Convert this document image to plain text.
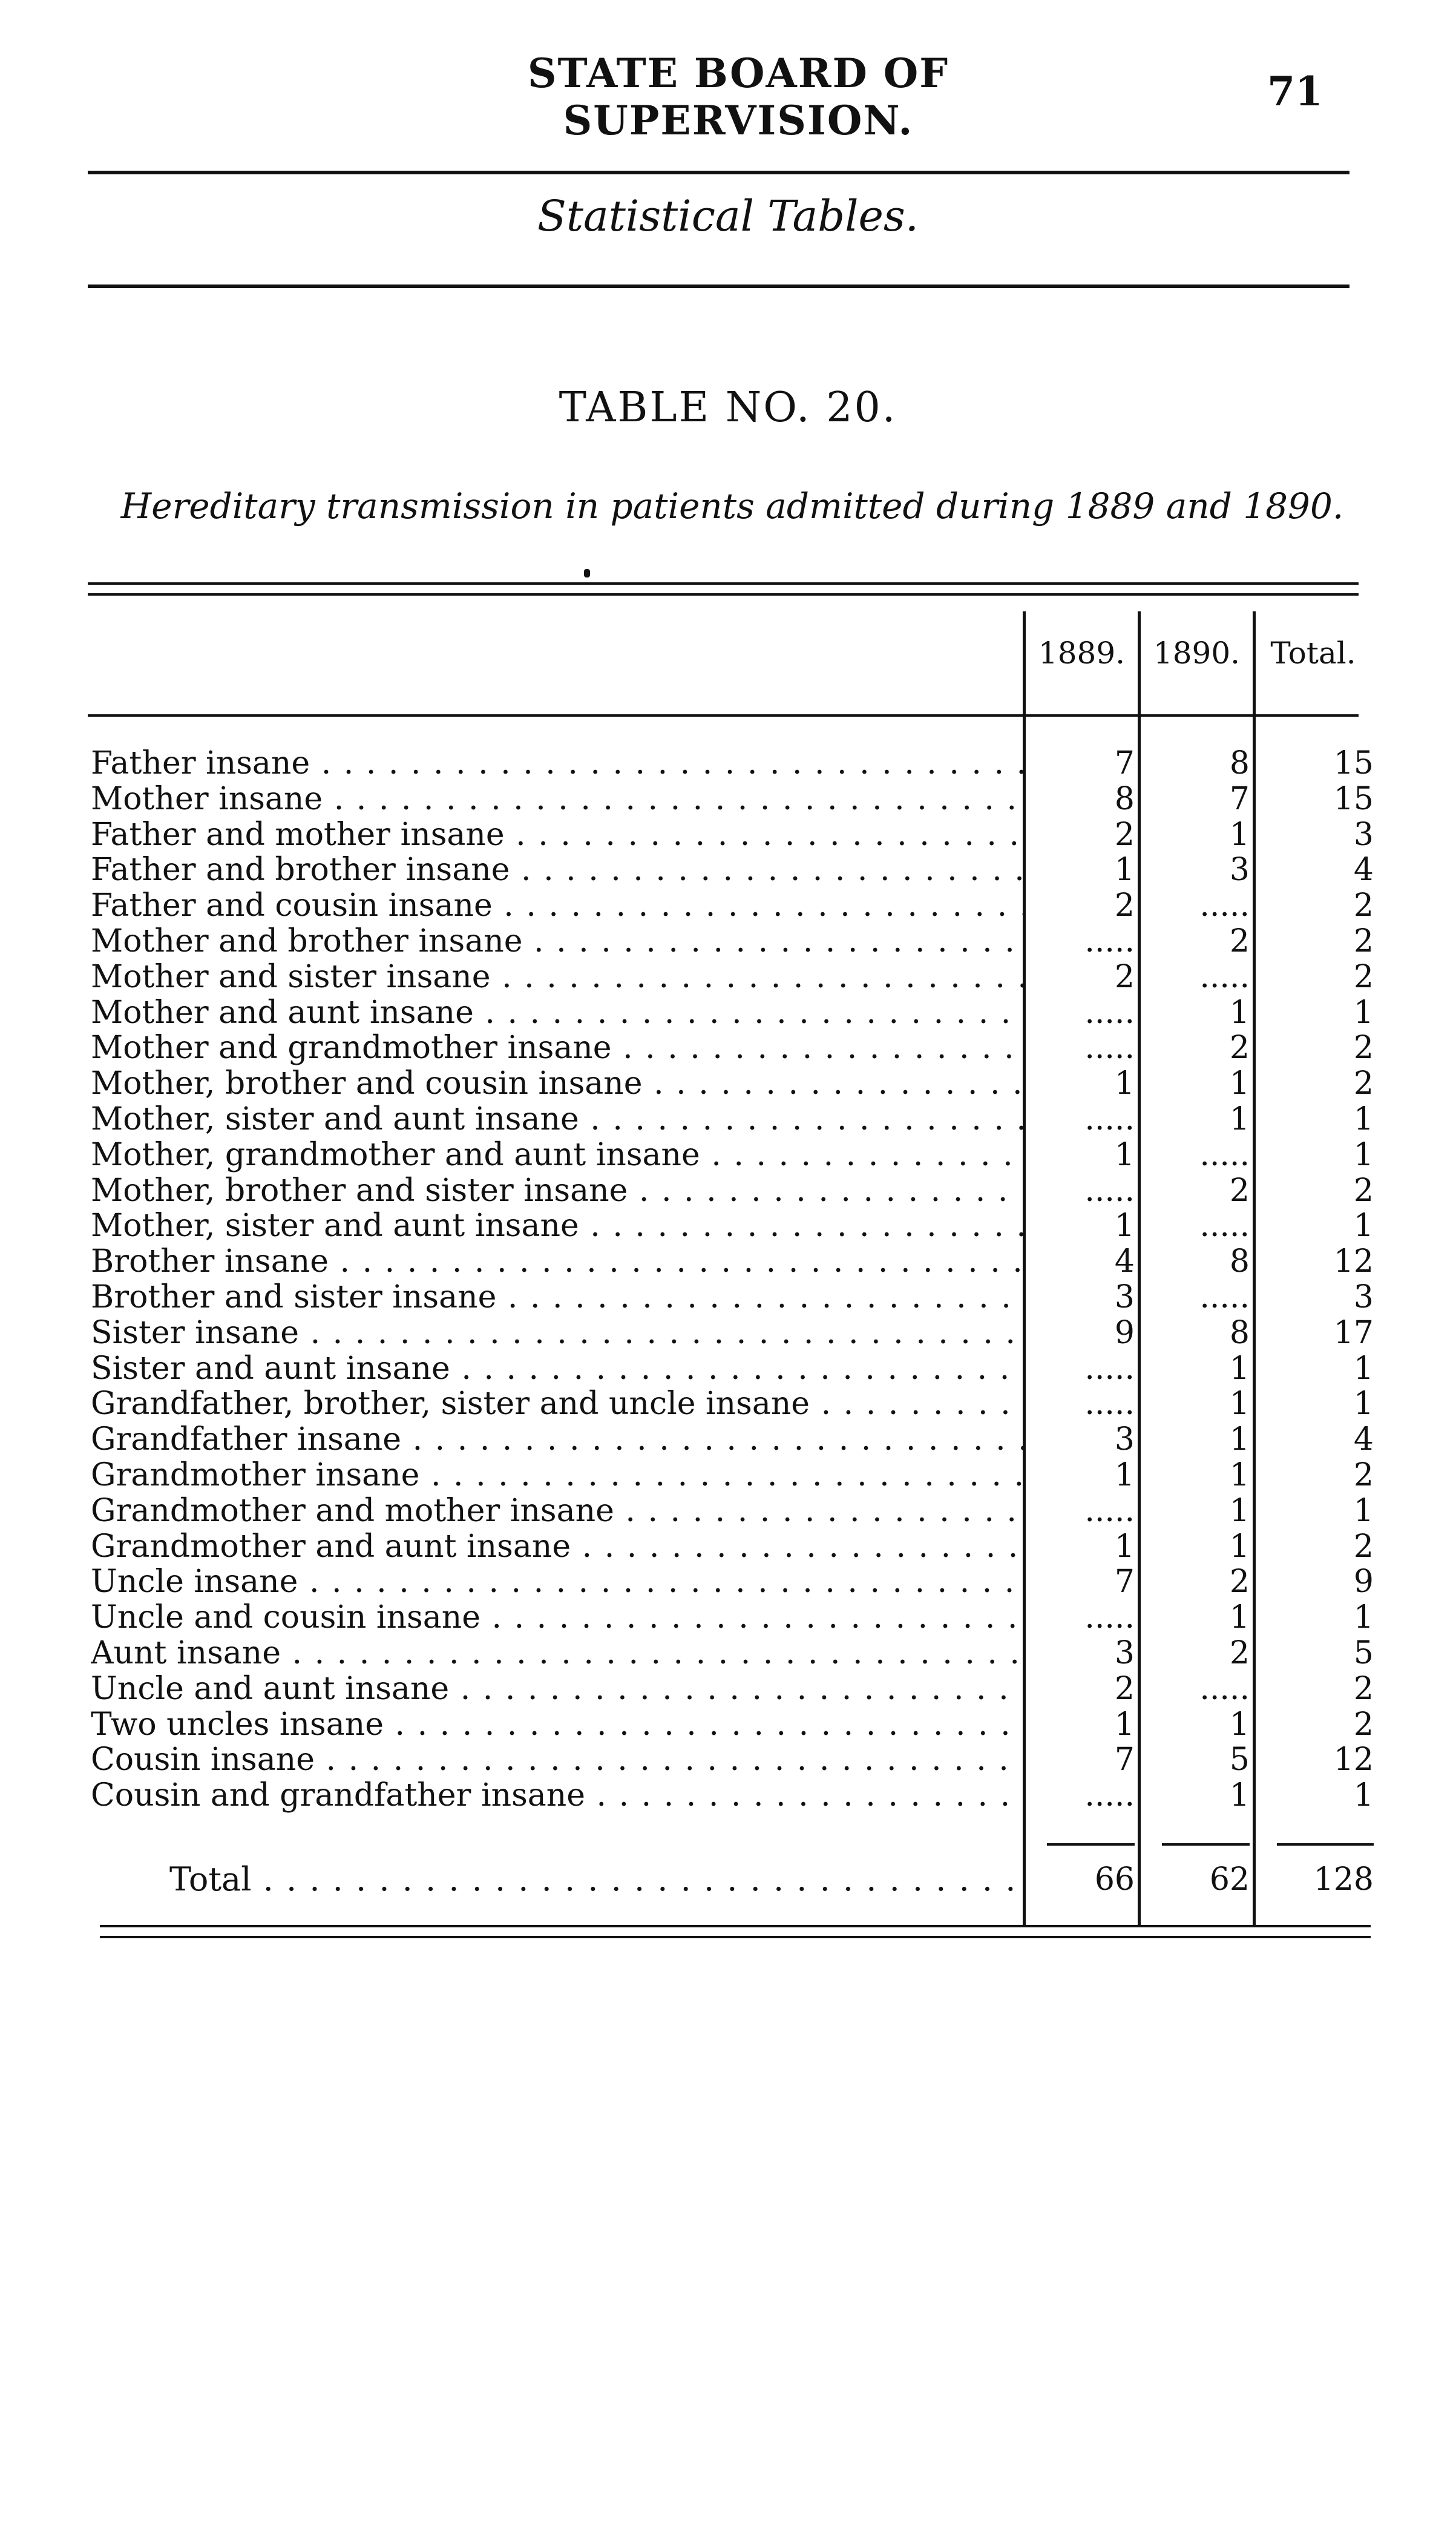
STATE BOARD OF SUPERVISION.
71
Statistical Tables.
TABLE NO. 20.
Hereditary transmission in patients admitted during 1889 and 1890.
1889. 1890.	Total.
Father insane . . .	7	8	15
Mother insane . . .	8	7	15
Father and mother insane . . .	2	1	3
Father and brother insane . . .	1	3	4
Father and cousin insane . . .	2	.....	2
Mother and brother insane . . .	.....	2	2
Mother and sister insane . . .	2	.....	2
Mother and aunt insane . . .	.....	1	1
Mother and grandmother insane . . .	.....	2	2
Mother, brother and cousin insane . . .	1	1	2
Mother, sister and aunt insane . . .	.....	1	1
Mother, grandmother and aunt insane . . .	1	.....	1
Mother, brother and sister insane . . .	.....	2	2
Mother, sister and aunt insane . . .	1	.....	1
Brother insane . . .	4	8	12
Brother and sister insane . . .	3	.....	3
Sister insane . . .	9	8	17
Sister and aunt insane . . .	.....	1	1
Grandfather, brother, sister and uncle insane . . .	.....	1	1
Grandfather insane . . .	3	1	4
Grandmother insane . . .	1	1	2
Grandmother and mother insane . . .	.....	1	1
Grandmother and aunt insane . . .	1	1	2
Uncle insane . . .	7	2	9
Uncle and cousin insane . . .	.....	1	1
Aunt insane . . .	3	2	5
Uncle and aunt insane . . .	2	.....	2
Two uncles insane . . .	1	1	2
Cousin insane . . .	7	5	12
Cousin and grandfather insane . . .	.....	1	1
Total . . .	66	62	128
